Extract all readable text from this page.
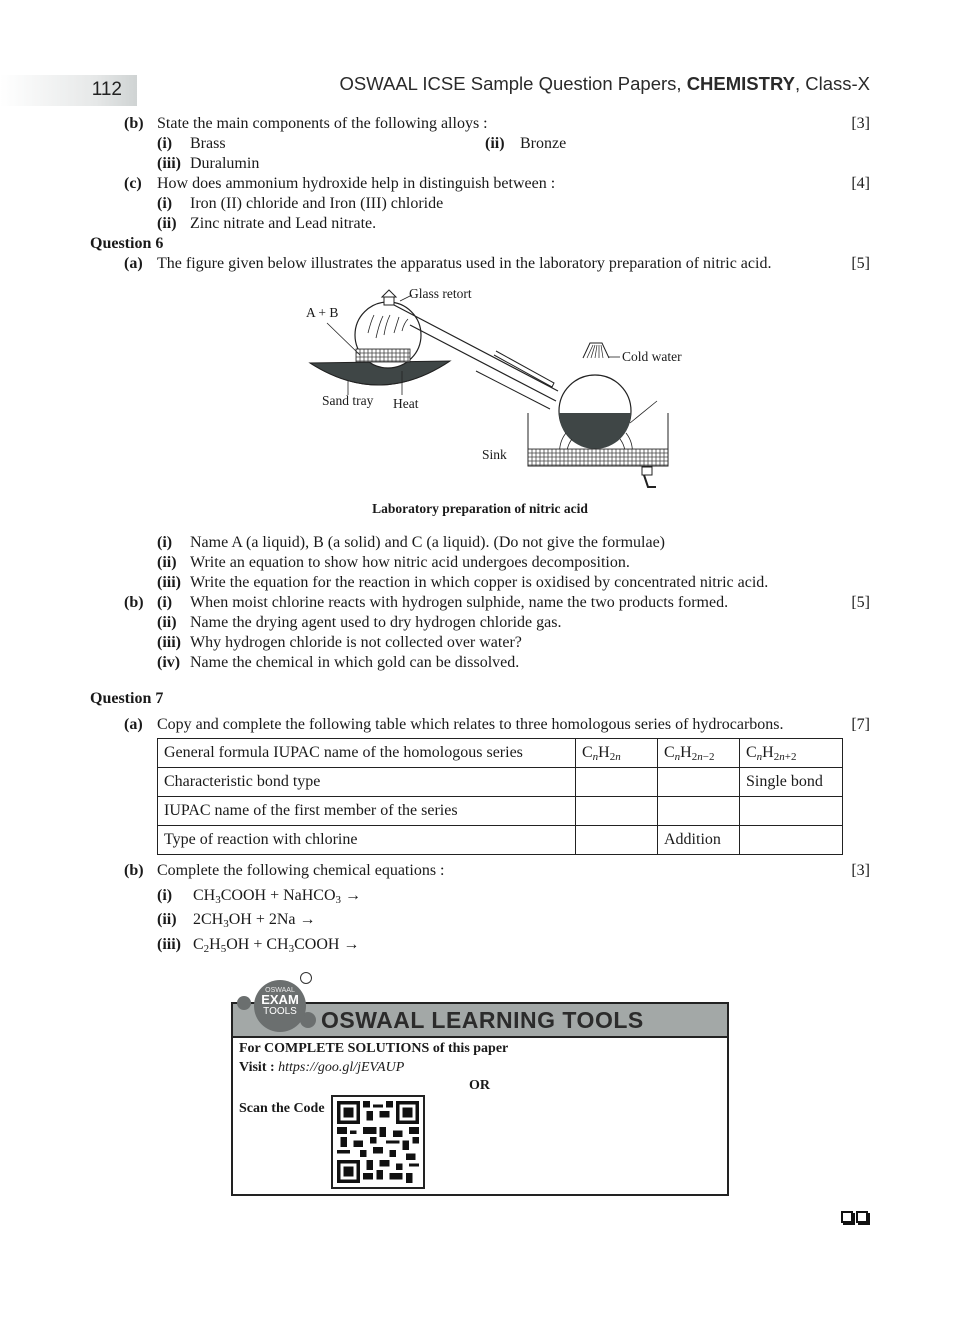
112	OSWAAL ICSE Sample Question Papers, CHEMISTRY, Class-X
(b) State the main components of the following alloys :	[3]
(i) Brass	(ii) Bronze
(iii) Duralumin
(c) How does ammonium hydroxide help in distinguish between :	[4]
(i) Iron (II) chloride and Iron (III) chloride
(ii) Zinc nitrate and Lead nitrate.
Question 6
(a) The figure given below illustrates the apparatus used in the laboratory preparation of nitric acid.	[5]
Glass retort
A + B
Cold water
Sand tray Heat
Sink
Laboratory preparation of nitric acid
(i) Name A (a liquid), B (a solid) and C (a liquid). (Do not give the formulae)
(ii) Write an equation to show how nitric acid undergoes decomposition.
(iii) Write the equation for the reaction in which copper is oxidised by concentrated nitric acid.
(b)	[5]
(i) When moist chlorine reacts with hydrogen sulphide, name the two products formed.
(ii) Name the drying agent used to dry hydrogen chloride gas.
(iii) Why hydrogen chloride is not collected over water?
(iv) Name the chemical in which gold can be dissolved.
Question 7
(a) Copy and complete the following table which relates to three homologous series of hydrocarbons.	[7]
General formula IUPAC name of the homologous series	$C_nH_{2n}$	$C_nH_{2n-2}$	$C_nH_{2n+2}$
Characteristic bond type			Single bond
IUPAC name of the first member of the series			
Type of reaction with chlorine		Addition	
(b) Complete the following chemical equations :	[3]
(i) $CH_3COOH$ + NaHCO$_3$ →
(ii) $2CH_3OH + 2Na$ →
(iii) $C_2H_5OH$ + $CH_3COOH$ →
OSWAAL LEARNING TOOLS
OSWAAL
EXAM
TOOLS
For COMPLETE SOLUTIONS of this paper
Visit : https://goo.gl/jEVAUP
OR
Scan the Code
